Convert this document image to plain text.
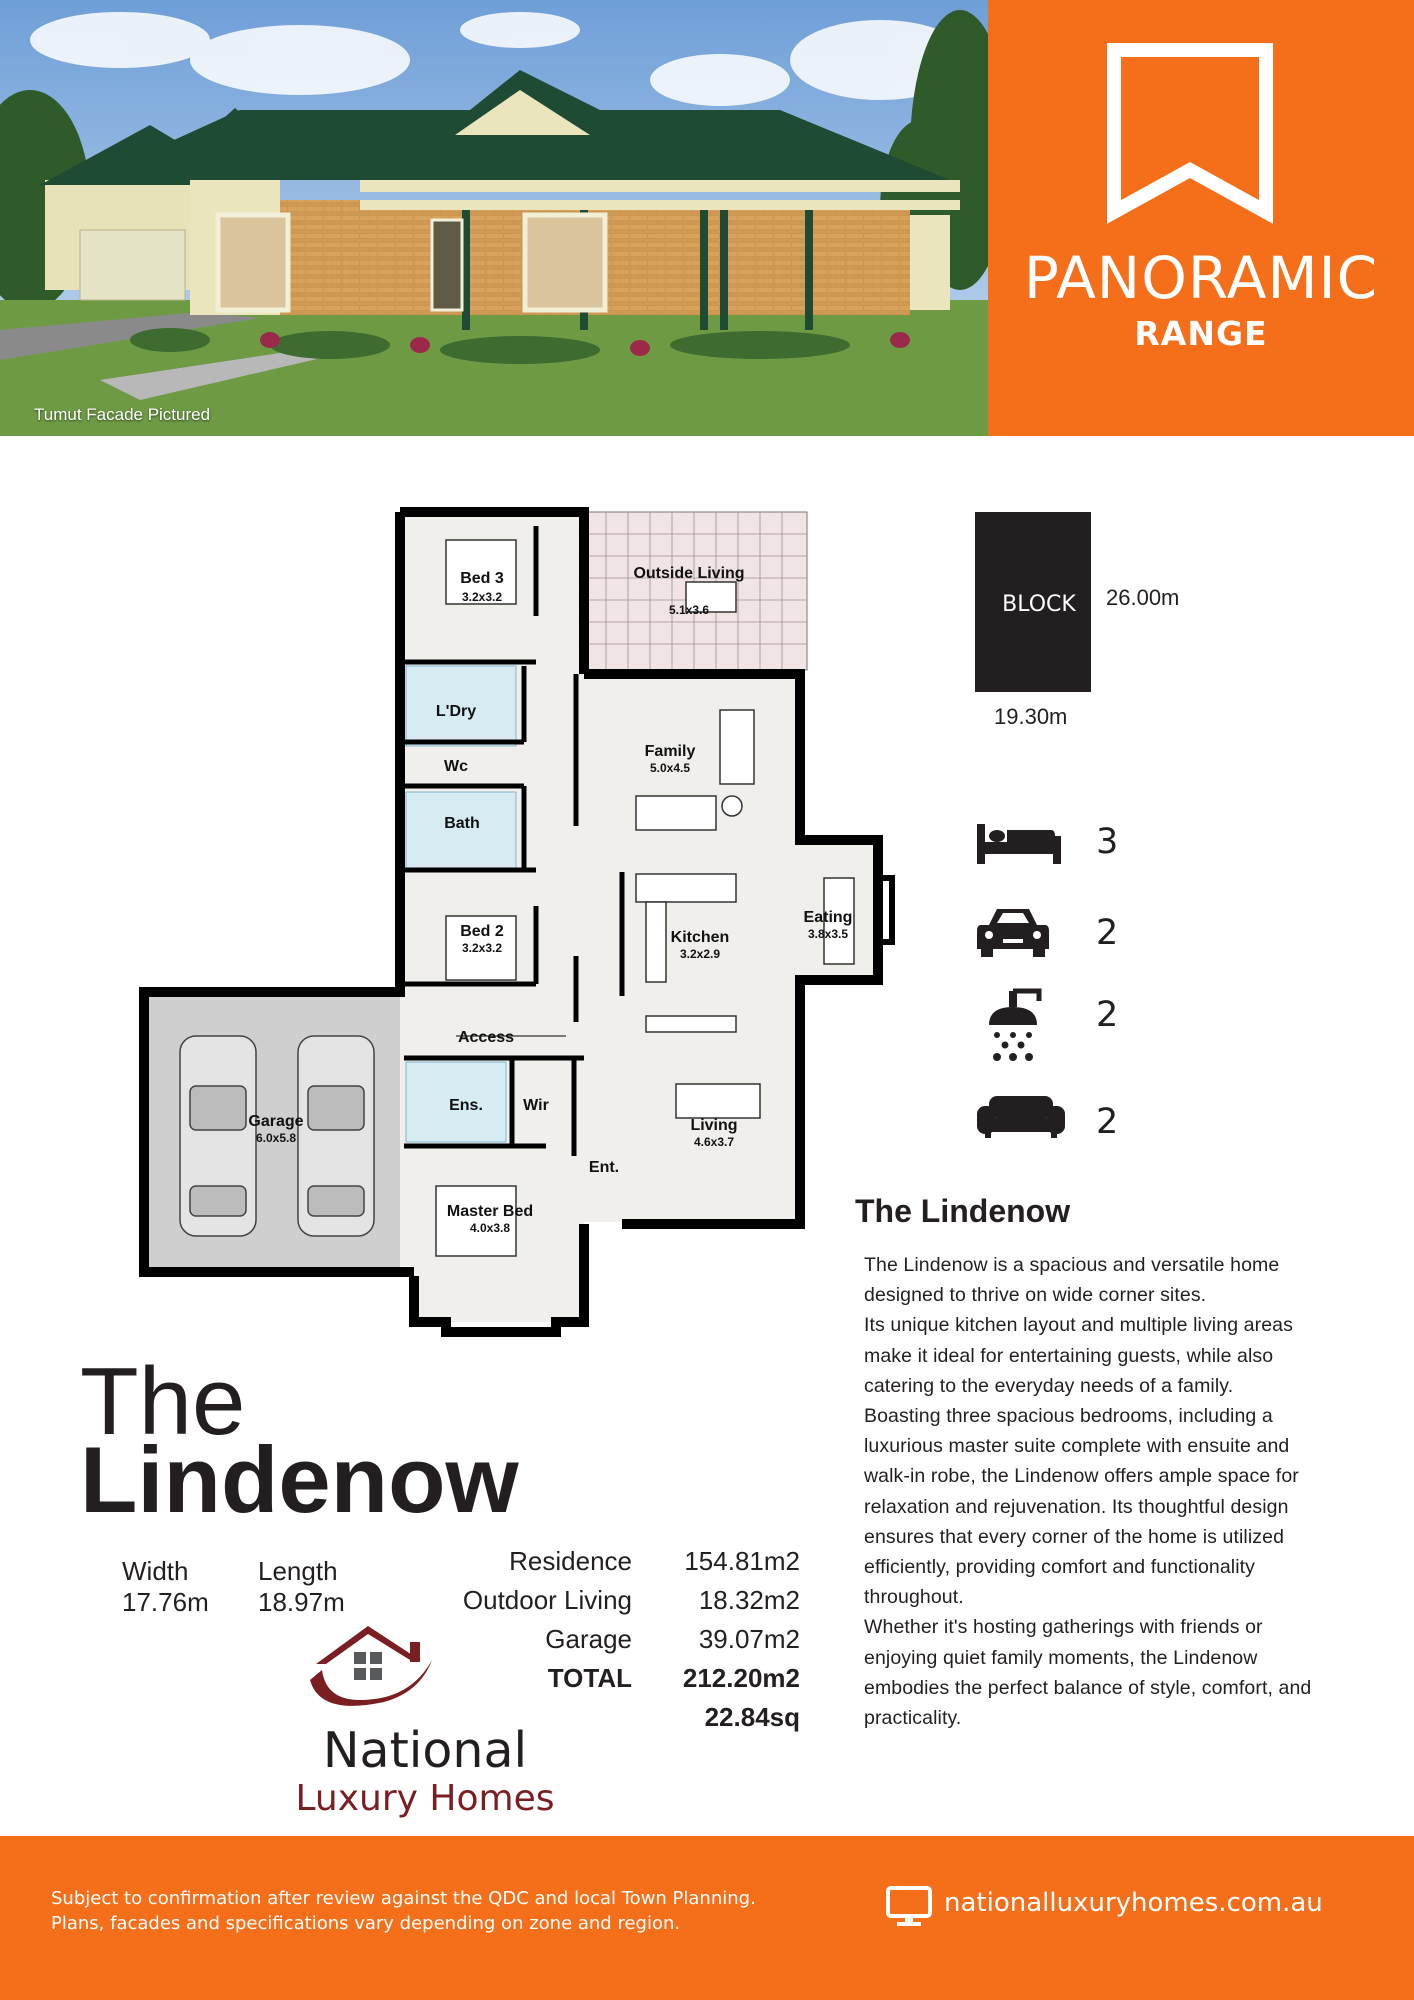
Tumut Facade Pictured
PANORAMIC
RANGE
Bed 3
3.2x3.2
Outside Living
5.1x3.6
L'Dry
Wc
Family
5.0x4.5
Bath
Kitchen
3.2x2.9
Eating
3.8x3.5
Bed 2
3.2x3.2
Access
Garage
6.0x5.8
Ens.	Wir
Living
4.6x3.7
Ent.
Master Bed
4.0x3.8
BLOCK	26.00m
19.30m
3
2
2
2
The Lindenow

The Lindenow is a spacious and versatile home designed to thrive on wide corner sites.

Its unique kitchen layout and multiple living areas make it ideal for entertaining guests, while also catering to the everyday needs of a family.

Boasting three spacious bedrooms, including a luxurious master suite complete with ensuite and walk-in robe, the Lindenow offers ample space for relaxation and rejuvenation. Its thoughtful design ensures that every corner of the home is utilized efficiently, providing comfort and functionality throughout.

Whether it's hosting gatherings with friends or enjoying quiet family moments, the Lindenow embodies the perfect balance of style, comfort, and practicality.

The
Lindenow
Width
17.76m
Length
18.97m
Residence 154.81m2
Outdoor Living	18.32m2
Garage	39.07m2
TOTAL 212.20m2
22.84sq
National
Luxury Homes
Subject to confirmation after review against the QDC and local Town Planning.
Plans, facades and specifications vary depending on zone and region.
nationalluxuryhomes.com.au
